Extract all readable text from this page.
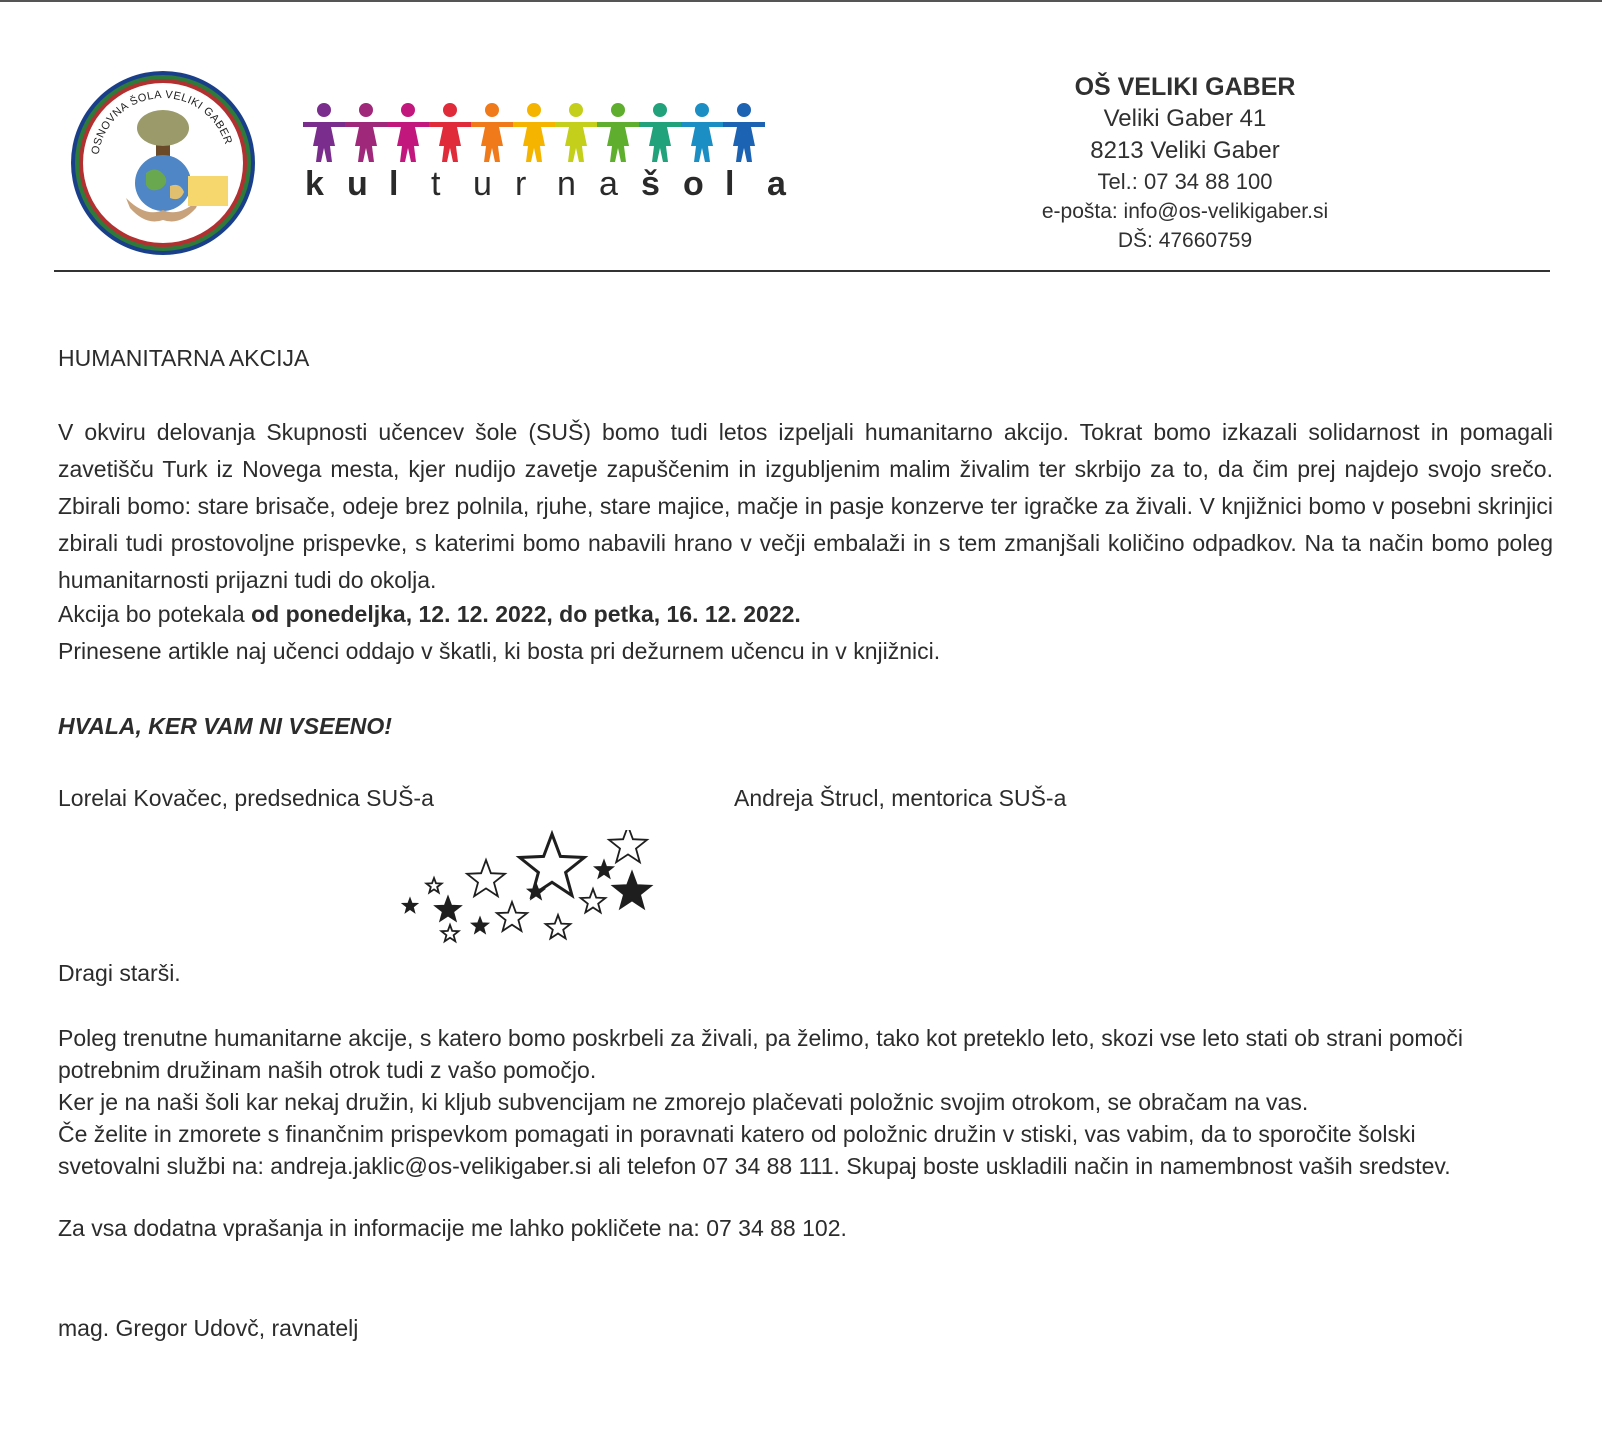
OSNOVNA ŠOLA VELIKI GABER
k u l t u r n a š o l a
OŠ VELIKI GABER
Veliki Gaber 41
8213 Veliki Gaber
Tel.: 07 34 88 100
e-pošta: info@os-velikigaber.si
DŠ: 47660759
HUMANITARNA AKCIJA
V okviru delovanja Skupnosti učencev šole (SUŠ) bomo tudi letos izpeljali humanitarno akcijo. Tokrat bomo izkazali solidarnost in pomagali zavetišču Turk iz Novega mesta, kjer nudijo zavetje zapuščenim in izgubljenim malim živalim ter skrbijo za to, da čim prej najdejo svojo srečo. Zbirali bomo: stare brisače, odeje brez polnila, rjuhe, stare majice, mačje in pasje konzerve ter igračke za živali. V knjižnici bomo v posebni skrinjici zbirali tudi prostovoljne prispevke, s katerimi bomo nabavili hrano v večji embalaži in s tem zmanjšali količino odpadkov. Na ta način bomo poleg humanitarnosti prijazni tudi do okolja.
Akcija bo potekala od ponedeljka, 12. 12. 2022, do petka, 16. 12. 2022.
Prinesene artikle naj učenci oddajo v škatli, ki bosta pri dežurnem učencu in v knjižnici.
HVALA, KER VAM NI VSEENO!
Lorelai Kovačec, predsednica SUŠ-a	Andreja Štrucl, mentorica SUŠ-a
Dragi starši.
Poleg trenutne humanitarne akcije, s katero bomo poskrbeli za živali, pa želimo, tako kot preteklo leto, skozi vse leto stati ob strani pomoči potrebnim družinam naših otrok tudi z vašo pomočjo.
Ker je na naši šoli kar nekaj družin, ki kljub subvencijam ne zmorejo plačevati položnic svojim otrokom, se obračam na vas.
Če želite in zmorete s finančnim prispevkom pomagati in poravnati katero od položnic družin v stiski, vas vabim, da to sporočite šolski svetovalni službi na: andreja.jaklic@os-velikigaber.si ali telefon 07 34 88 111. Skupaj boste uskladili način in namembnost vaših sredstev.
Za vsa dodatna vprašanja in informacije me lahko pokličete na: 07 34 88 102.
mag. Gregor Udovč, ravnatelj
